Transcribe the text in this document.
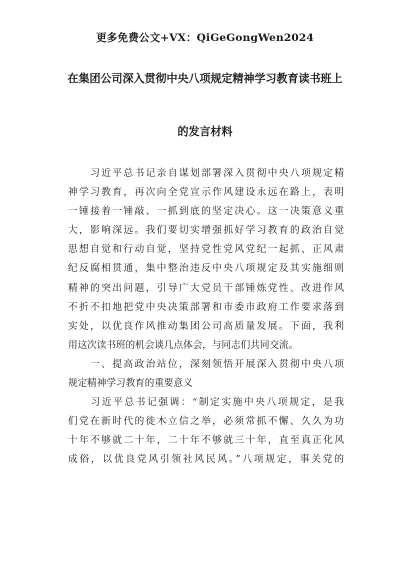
更多免费公文+VX：QiGeGongWen2024
在集团公司深入贯彻中央八项规定精神学习教育读书班上
的发言材料
　　习近平总书记亲自谋划部署深入贯彻中央八项规定精
神学习教育，再次向全党宣示作风建设永远在路上，表明
一锤接着一锤敲、一抓到底的坚定决心。这一决策意义重
大，影响深远。我们要切实增强抓好学习教育的政治自觉
思想自觉和行动自觉，坚持党性党风党纪一起抓、正风肃
纪反腐相贯通，集中整治违反中央八项规定及其实施细则
精神的突出问题，引导广大党员干部锤炼党性、改进作风
不折不扣地把党中央决策部署和市委市政府工作要求落到
实处，以优良作风推动集团公司高质量发展。下面，我利
用这次读书班的机会谈几点体会，与同志们共同交流。
　　一、提高政治站位，深刻领悟开展深入贯彻中央八项
规定精神学习教育的重要意义
　　习近平总书记强调：“制定实施中央八项规定，是我
们党在新时代的徙木立信之举，必须常抓不懈、久久为功
十年不够就二十年，二十年不够就三十年，直至真正化风
成俗，以优良党风引领社风民风。”八项规定，事关党的
